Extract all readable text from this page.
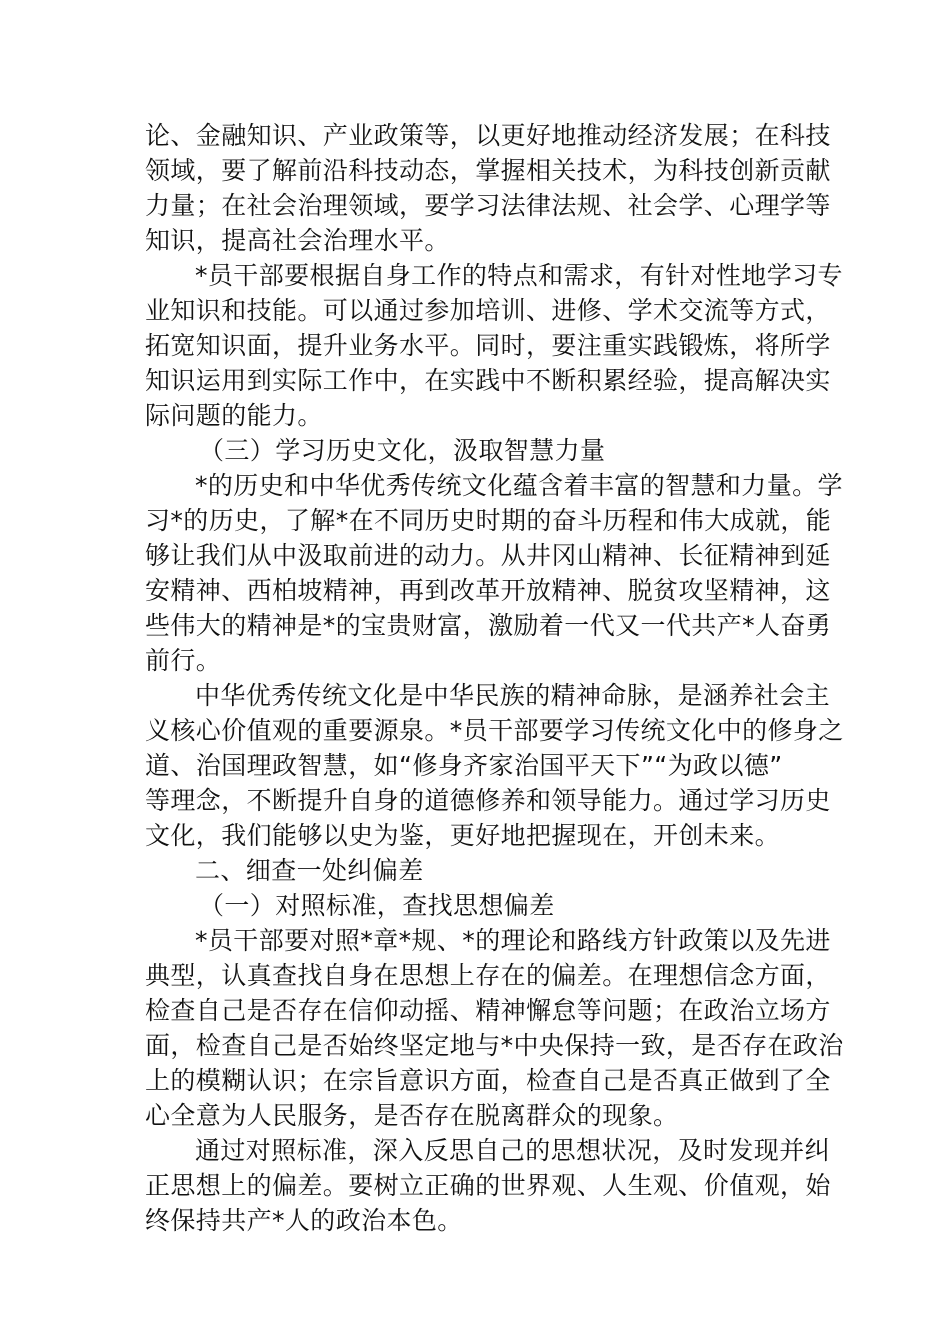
论、金融知识、产业政策等，以更好地推动经济发展；在科技
领域，要了解前沿科技动态，掌握相关技术，为科技创新贡献
力量；在社会治理领域，要学习法律法规、社会学、心理学等
知识，提高社会治理水平。
*员干部要根据自身工作的特点和需求，有针对性地学习专
业知识和技能。可以通过参加培训、进修、学术交流等方式，
拓宽知识面，提升业务水平。同时，要注重实践锻炼，将所学
知识运用到实际工作中，在实践中不断积累经验，提高解决实
际问题的能力。
（三）学习历史文化，汲取智慧力量
*的历史和中华优秀传统文化蕴含着丰富的智慧和力量。学
习*的历史，了解*在不同历史时期的奋斗历程和伟大成就，能
够让我们从中汲取前进的动力。从井冈山精神、长征精神到延
安精神、西柏坡精神，再到改革开放精神、脱贫攻坚精神，这
些伟大的精神是*的宝贵财富，激励着一代又一代共产*人奋勇
前行。
中华优秀传统文化是中华民族的精神命脉，是涵养社会主
义核心价值观的重要源泉。*员干部要学习传统文化中的修身之
道、治国理政智慧，如“修身齐家治国平天下”“为政以德”
等理念，不断提升自身的道德修养和领导能力。通过学习历史
文化，我们能够以史为鉴，更好地把握现在，开创未来。
二、细查一处纠偏差
（一）对照标准，查找思想偏差
*员干部要对照*章*规、*的理论和路线方针政策以及先进
典型，认真查找自身在思想上存在的偏差。在理想信念方面，
检查自己是否存在信仰动摇、精神懈怠等问题；在政治立场方
面，检查自己是否始终坚定地与*中央保持一致，是否存在政治
上的模糊认识；在宗旨意识方面，检查自己是否真正做到了全
心全意为人民服务，是否存在脱离群众的现象。
通过对照标准，深入反思自己的思想状况，及时发现并纠
正思想上的偏差。要树立正确的世界观、人生观、价值观，始
终保持共产*人的政治本色。
